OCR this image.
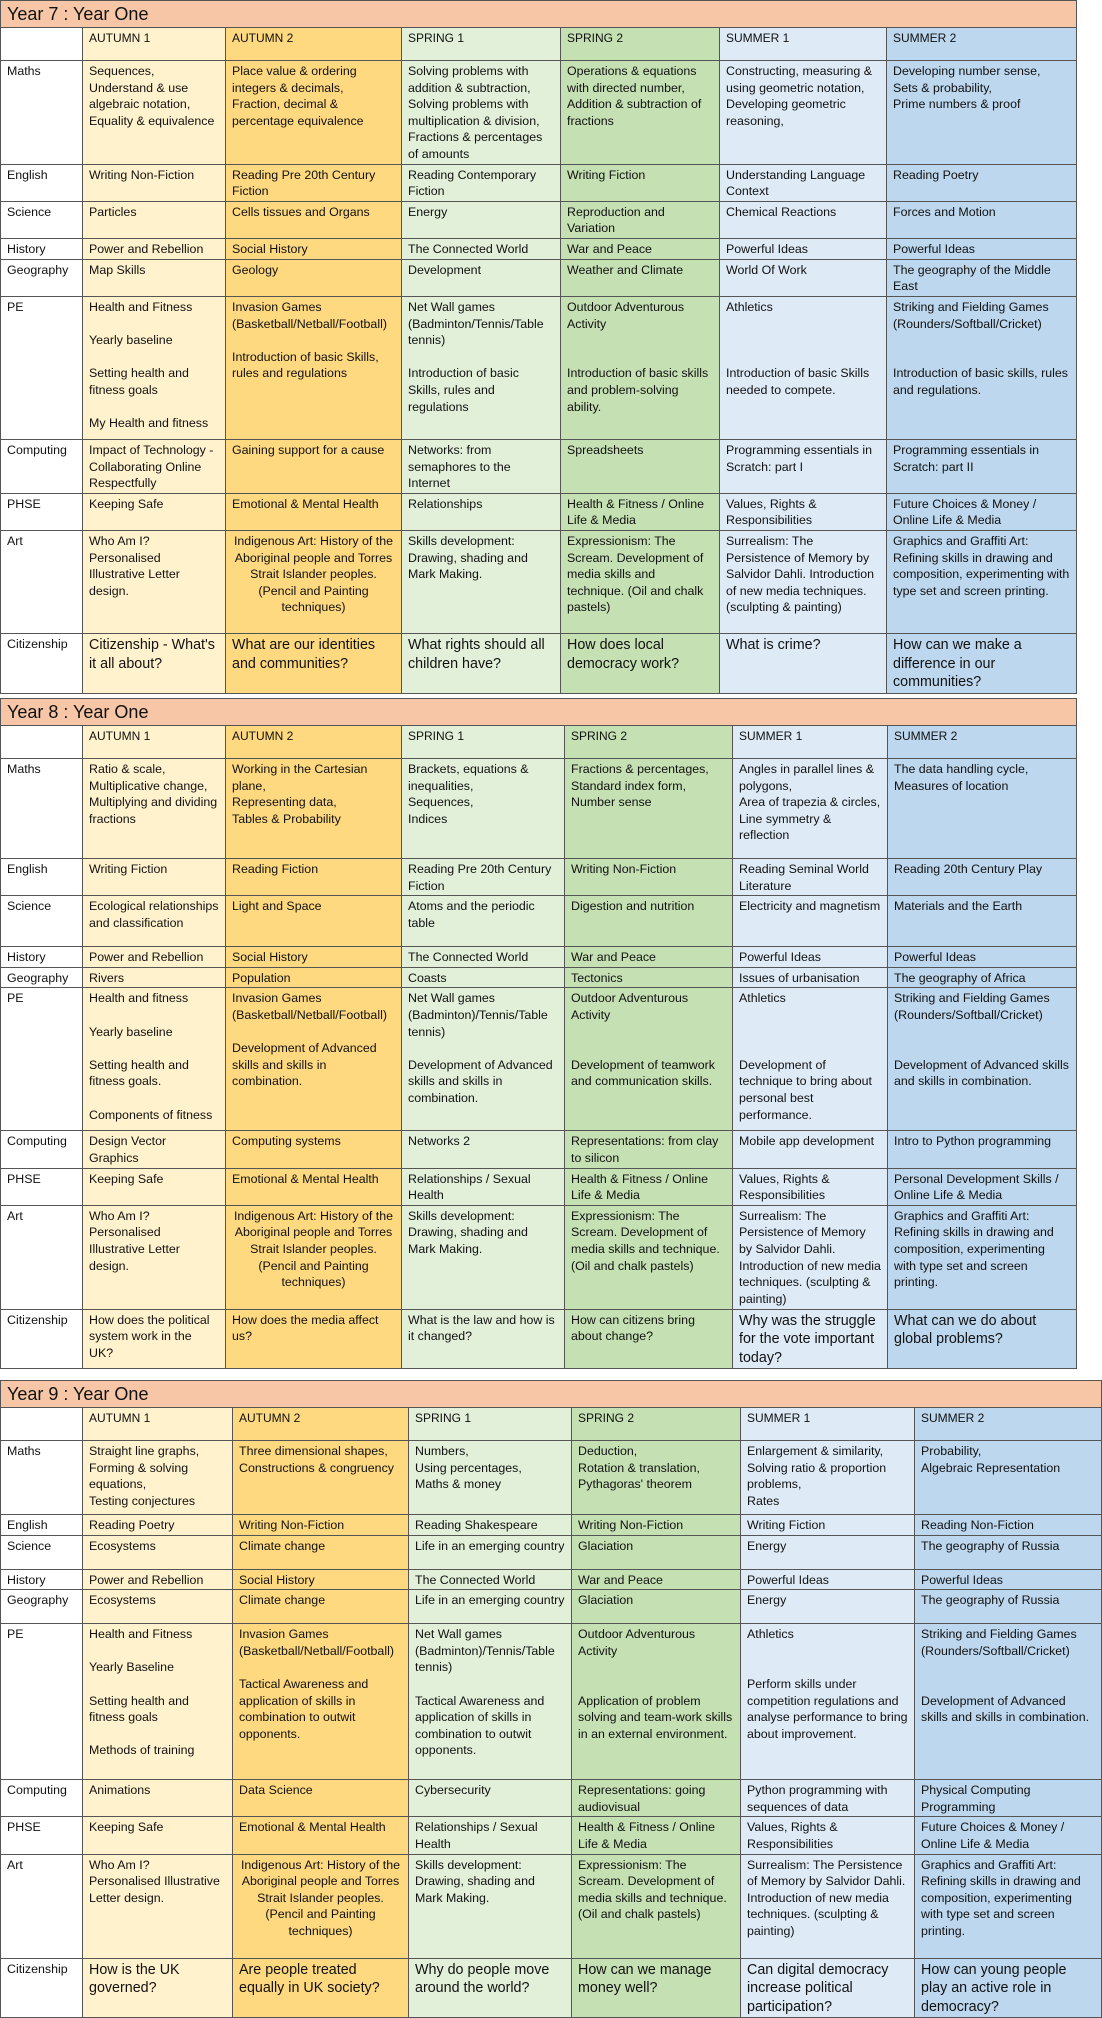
Year 7 : Year One						
	AUTUMN 1	AUTUMN 2	SPRING 1	SPRING 2	SUMMER 1	SUMMER 2
Maths	Sequences,
Understand & use algebraic notation,
Equality & equivalence	Place value & ordering integers & decimals,
Fraction, decimal & percentage equivalence	Solving problems with addition & subtraction,
Solving problems with multiplication & division,
Fractions & percentages of amounts	Operations & equations with directed number,
Addition & subtraction of fractions	Constructing, measuring & using geometric notation,
Developing geometric reasoning,	Developing number sense,
Sets & probability,
Prime numbers & proof
English	Writing Non-Fiction	Reading Pre 20th Century Fiction	Reading Contemporary Fiction	Writing Fiction	Understanding Language Context	Reading Poetry
Science	Particles	Cells tissues and Organs	Energy	Reproduction and Variation	Chemical Reactions	Forces and Motion
History	Power and Rebellion	Social History	The Connected World	War and Peace	Powerful Ideas	Powerful Ideas
Geography	Map Skills	Geology	Development	Weather and Climate	World Of Work	The geography of the Middle East
PE	Health and Fitness

Yearly baseline

Setting health and fitness goals

My Health and fitness	Invasion Games (Basketball/Netball/Football)

Introduction of basic Skills, rules and regulations	Net Wall games (Badminton/Tennis/Table tennis)

Introduction of basic Skills, rules and regulations	Outdoor Adventurous Activity

Introduction of basic skills and problem-solving ability.	Athletics

Introduction of basic Skills needed to compete.	Striking and Fielding Games (Rounders/Softball/Cricket)

Introduction of basic skills, rules and regulations.
Computing	Impact of Technology - Collaborating Online Respectfully	Gaining support for a cause	Networks: from semaphores to the Internet	Spreadsheets	Programming essentials in Scratch: part I	Programming essentials in Scratch: part II
PHSE	Keeping Safe	Emotional & Mental Health	Relationships	Health & Fitness / Online Life & Media	Values, Rights & Responsibilities	Future Choices & Money / Online Life & Media
Art	Who Am I?
Personalised Illustrative Letter design.	Indigenous Art: History of the Aboriginal people and Torres Strait Islander peoples. (Pencil and Painting techniques)	Skills development: Drawing, shading and Mark Making.	Expressionism: The Scream. Development of media skills and technique. (Oil and chalk pastels)	Surrealism: The Persistence of Memory by Salvidor Dahli. Introduction of new media techniques. (sculpting & painting)	Graphics and Graffiti Art: Refining skills in drawing and composition, experimenting with type set and screen printing.
Citizenship	Citizenship - What's it all about?	What are our identities and communities?	What rights should all children have?	How does local democracy work?	What is crime?	How can we make a difference in our communities?
Year 8 : Year One						
	AUTUMN 1	AUTUMN 2	SPRING 1	SPRING 2	SUMMER 1	SUMMER 2
Maths	Ratio & scale,
Multiplicative change,
Multiplying and dividing fractions	Working in the Cartesian plane,
Representing data,
Tables & Probability	Brackets, equations & inequalities,
Sequences,
Indices	Fractions & percentages,
Standard index form,
Number sense	Angles in parallel lines & polygons,
Area of trapezia & circles,
Line symmetry & reflection	The data handling cycle,
Measures of location
English	Writing Fiction	Reading Fiction	Reading Pre 20th Century Fiction	Writing Non-Fiction	Reading Seminal World Literature	Reading 20th Century Play
Science	Ecological relationships and classification	Light and Space	Atoms and the periodic table	Digestion and nutrition	Electricity and magnetism	Materials and the Earth
History	Power and Rebellion	Social History	The Connected World	War and Peace	Powerful Ideas	Powerful Ideas
Geography	Rivers	Population	Coasts	Tectonics	Issues of urbanisation	The geography of Africa
PE	Health and fitness

Yearly baseline

Setting health and fitness goals.

Components of fitness	Invasion Games (Basketball/Netball/Football)

Development of Advanced skills and skills in combination.	Net Wall games (Badminton)/Tennis/Table tennis)

Development of Advanced skills and skills in combination.	Outdoor Adventurous Activity

Development of teamwork and communication skills.	Athletics

Development of technique to bring about personal best performance.	Striking and Fielding Games (Rounders/Softball/Cricket)

Development of Advanced skills and skills in combination.
Computing	Design Vector Graphics	Computing systems	Networks 2	Representations: from clay to silicon	Mobile app development	Intro to Python programming
PHSE	Keeping Safe	Emotional & Mental Health	Relationships / Sexual Health	Health & Fitness / Online Life & Media	Values, Rights & Responsibilities	Personal Development Skills / Online Life & Media
Art	Who Am I?
Personalised Illustrative Letter design.	Indigenous Art: History of the Aboriginal people and Torres Strait Islander peoples. (Pencil and Painting techniques)	Skills development: Drawing, shading and Mark Making.	Expressionism: The Scream. Development of media skills and technique. (Oil and chalk pastels)	Surrealism: The Persistence of Memory by Salvidor Dahli. Introduction of new media techniques. (sculpting & painting)	Graphics and Graffiti Art: Refining skills in drawing and composition, experimenting with type set and screen printing.
Citizenship	How does the political system work in the UK?	How does the media affect us?	What is the law and how is it changed?	How can citizens bring about change?	Why was the struggle for the vote important today?	What can we do about global problems?
Year 9 : Year One						
	AUTUMN 1	AUTUMN 2	SPRING 1	SPRING 2	SUMMER 1	SUMMER 2
Maths	Straight line graphs,
Forming & solving equations,
Testing conjectures	Three dimensional shapes,
Constructions & congruency	Numbers,
Using percentages,
Maths & money	Deduction,
Rotation & translation,
Pythagoras' theorem	Enlargement & similarity,
Solving ratio & proportion problems,
Rates	Probability,
Algebraic Representation
English	Reading Poetry	Writing Non-Fiction	Reading Shakespeare	Writing Non-Fiction	Writing Fiction	Reading Non-Fiction
Science	Ecosystems	Climate change	Life in an emerging country	Glaciation	Energy	The geography of Russia
History	Power and Rebellion	Social History	The Connected World	War and Peace	Powerful Ideas	Powerful Ideas
Geography	Ecosystems	Climate change	Life in an emerging country	Glaciation	Energy	The geography of Russia
PE	Health and Fitness

Yearly Baseline

Setting health and fitness goals

Methods of training	Invasion Games (Basketball/Netball/Football)

Tactical Awareness and application of skills in combination to outwit opponents.	Net Wall games (Badminton)/Tennis/Table tennis)

Tactical Awareness and application of skills in combination to outwit opponents.	Outdoor Adventurous Activity

Application of problem solving and team-work skills in an external environment.	Athletics

Perform skills under competition regulations and analyse performance to bring about improvement.	Striking and Fielding Games (Rounders/Softball/Cricket)

Development of Advanced skills and skills in combination.
Computing	Animations	Data Science	Cybersecurity	Representations: going audiovisual	Python programming with sequences of data	Physical Computing Programming
PHSE	Keeping Safe	Emotional & Mental Health	Relationships / Sexual Health	Health & Fitness / Online Life & Media	Values, Rights & Responsibilities	Future Choices & Money / Online Life & Media
Art	Who Am I?
Personalised Illustrative Letter design.	Indigenous Art: History of the Aboriginal people and Torres Strait Islander peoples. (Pencil and Painting techniques)	Skills development: Drawing, shading and Mark Making.	Expressionism: The Scream. Development of media skills and technique. (Oil and chalk pastels)	Surrealism: The Persistence of Memory by Salvidor Dahli. Introduction of new media techniques. (sculpting & painting)	Graphics and Graffiti Art: Refining skills in drawing and composition, experimenting with type set and screen printing.
Citizenship	How is the UK governed?	Are people treated equally in UK society?	Why do people move around the world?	How can we manage money well?	Can digital democracy increase political participation?	How can young people play an active role in democracy?
